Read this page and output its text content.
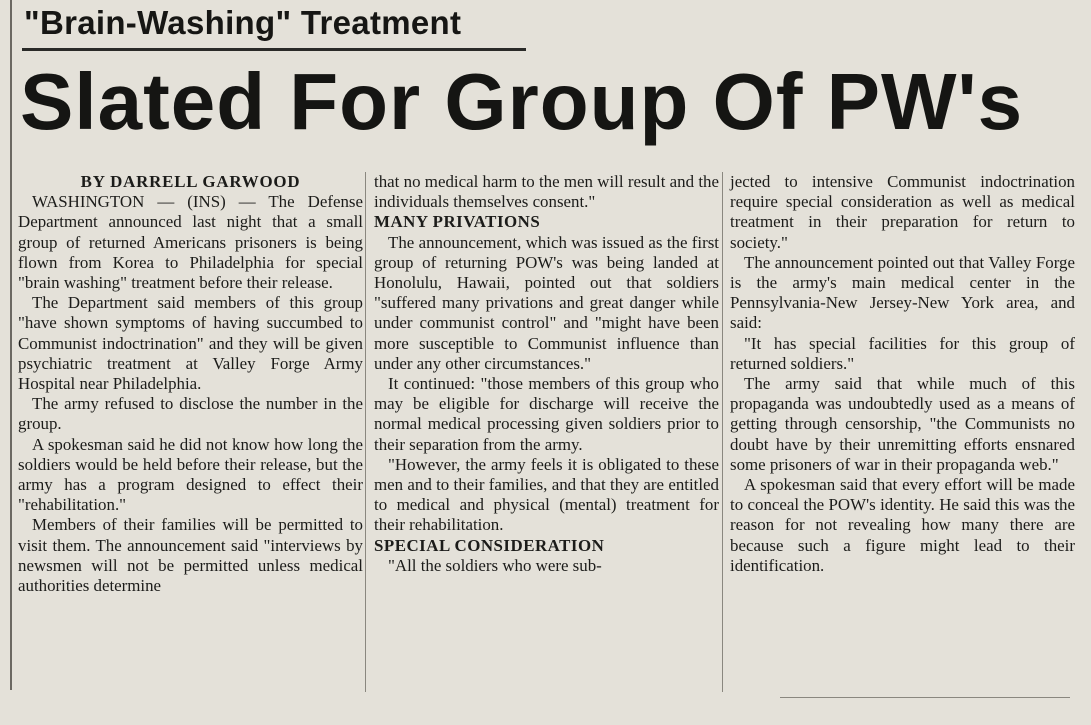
"Brain-Washing" Treatment
Slated For Group Of PW's

BY DARRELL GARWOOD

WASHINGTON — (INS) — The Defense Department announced last night that a small group of returned Americans prisoners is being flown from Korea to Philadelphia for special "brain washing" treatment before their release.

The Department said members of this group "have shown symptoms of having succumbed to Communist indoctrination" and they will be given psychiatric treatment at Valley Forge Army Hospital near Philadelphia.

The army refused to disclose the number in the group.

A spokesman said he did not know how long the soldiers would be held before their release, but the army has a program designed to effect their "rehabilitation."

Members of their families will be permitted to visit them. The announcement said "interviews by newsmen will not be permitted unless medical authorities determine

that no medical harm to the men will result and the individuals themselves consent."

MANY PRIVATIONS

The announcement, which was issued as the first group of returning POW's was being landed at Honolulu, Hawaii, pointed out that soldiers "suffered many privations and great danger while under communist control" and "might have been more susceptible to Communist influence than under any other circumstances."

It continued: "those members of this group who may be eligible for discharge will receive the normal medical processing given soldiers prior to their separation from the army.

"However, the army feels it is obligated to these men and to their families, and that they are entitled to medical and physical (mental) treatment for their rehabilitation.

SPECIAL CONSIDERATION

"All the soldiers who were sub-

jected to intensive Communist indoctrination require special consideration as well as medical treatment in their preparation for return to society."

The announcement pointed out that Valley Forge is the army's main medical center in the Pennsylvania-New Jersey-New York area, and said:

"It has special facilities for this group of returned soldiers."

The army said that while much of this propaganda was undoubtedly used as a means of getting through censorship, "the Communists no doubt have by their unremitting efforts ensnared some prisoners of war in their propaganda web."

A spokesman said that every effort will be made to conceal the POW's identity. He said this was the reason for not revealing how many there are because such a figure might lead to their identification.
